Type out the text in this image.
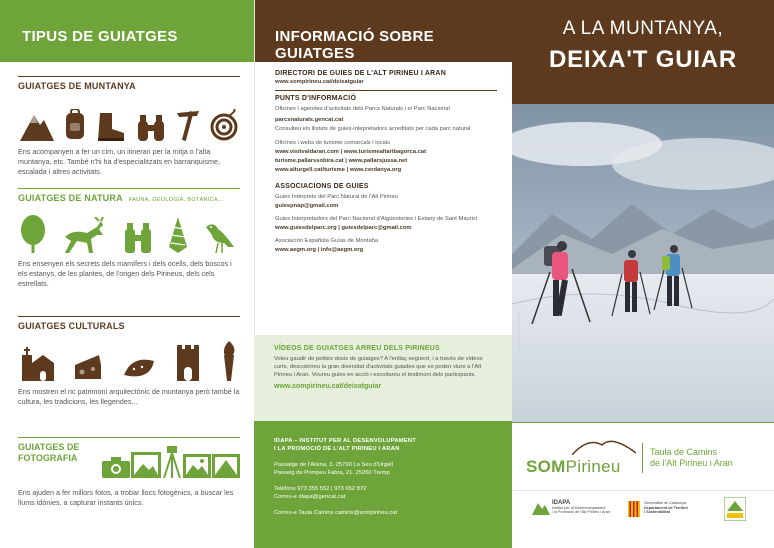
TIPUS DE GUIATGES
GUIATGES DE MUNTANYA
Ens acompanyen a fer un cim, un itinerari per la mitja o l'alta muntanya, etc. També n'hi ha d'especialitzats en barranquisme, escalada i altres activitats.
GUIATGES DE NATURA FAUNA, GEOLOGIA, BOTÀNICA...
Ens ensenyen els secrets dels mamífers i dels ocells, dels boscos i els estanys, de les plantes, de l'origen dels Pirineus, dels cels estrellats.
GUIATGES CULTURALS
Ens mostren el ric patrimoni arquitectònic de muntanya però també la cultura, les tradicions, les llegendes...
GUIATGES DE
FOTOGRAFIA
Ens ajuden a fer millors fotos, a trobar llocs fotogènics, a buscar les llums idònies, a capturar instants únics.
INFORMACIÓ SOBRE GUIATGES
DIRECTORI DE GUIES DE L'ALT PIRINEU I ARAN
www.sompirineu.cat/deixatguiar
PUNTS D'INFORMACIÓ
Oficines i agendes d'activitats dels Parcs Naturals i el Parc Nacional
parcsnaturals.gencat.cat
Consulteu els llistats de guies-intepretadors acreditats per cada parc natural
Oficines i webs de turisme comarcals i locals
www.visitvaldaran.com | www.turismealtaribagorca.cat
turisme.pallarssobira.cat | www.pallarsjussa.net
www.alturgell.cat/turisme | www.cerdanya.org
ASSOCIACIONS DE GUIES
Guies Intèrprets del Parc Natural de l'Alt Pirineu
guiespnap@gmail.com
Guies Interpretadors del Parc Nacional d'Aigüestortes i Estany de Sant Maurici
www.guiesdelparc.org | guiesdelparc@gmail.com
Asociación Española Guías de Montaña
www.aegm.org | info@aegm.org
VÍDEOS DE GUIATGES ARREU DELS PIRINEUS
Voleu gaudir de petites dosis de guiatges? A l'enllaç següent, i a través de vídeos curts, descobrireu la gran diversitat d'activitats guiades que es poden viure a l'Alt Pirineu i Aran. Voureu guies en acció i escoltareu el testimoni dels participants.
www.sompirineu.cat/deixatguiar
IDAPA – INSTITUT PER AL DESENVOLUPAMENT
I LA PROMOCIÓ DE L'ALT PIRINEU I ARAN
Passatge de l'Alsina, 3. 25700 La Seu d'Urgell
Passeig de Pompeu Fabra, 21. 25260 Tremp
Telèfons 973 355 552 | 973 652 872
Correu-e idapa@gencat.cat
Correu-e Taula Camins camins@sompirineu.cat
A LA MUNTANYA,
DEIXA'T GUIAR
Fotografia: Arxiu IDAPA
SOMPirineu
Taula de Camins
de l'Alt Pirineu i Aran
IDAPA
Institut per al Desenvolupament
i la Promoció de l'Alt Pirineu i Aran
Generalitat de Catalunya
Departament de Territori
i Sostenibilitat
